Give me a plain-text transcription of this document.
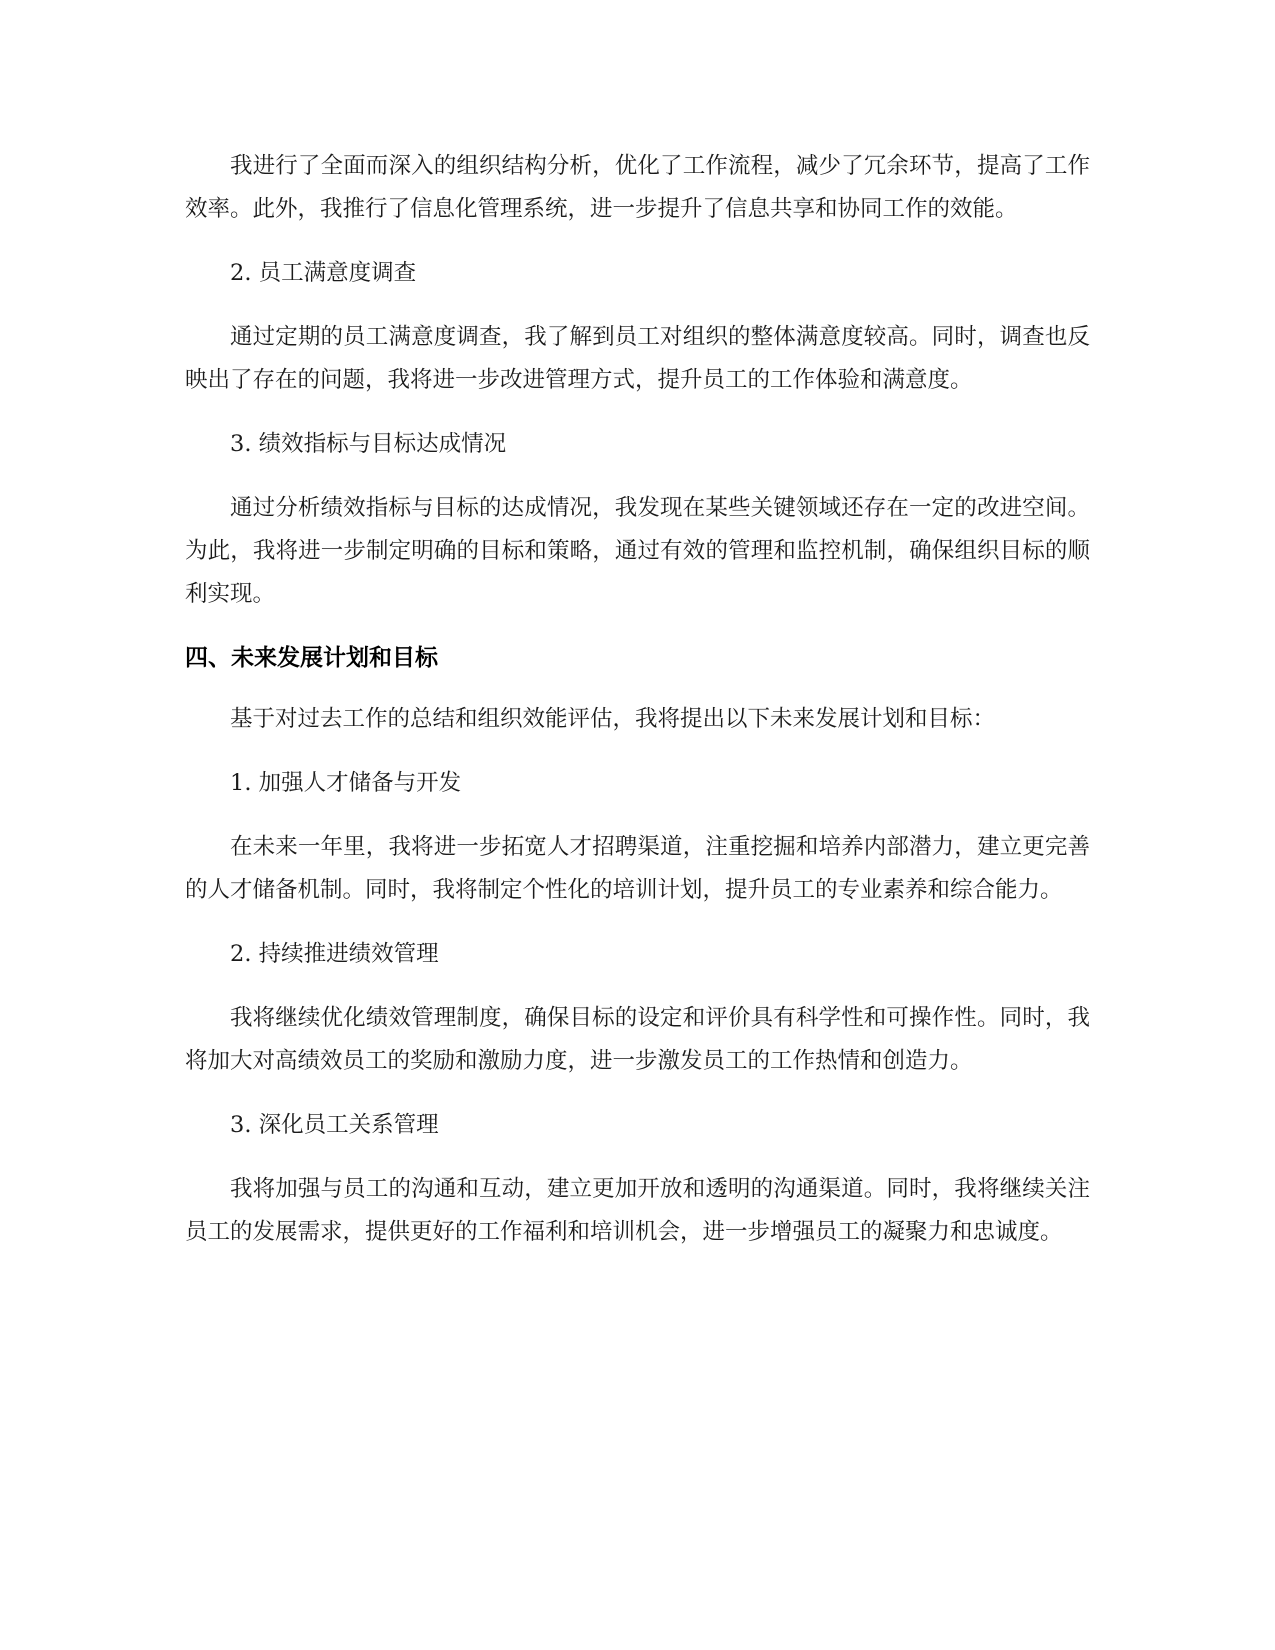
我进行了全面而深入的组织结构分析，优化了工作流程，减少了冗余环节，提高了工作效率。此外，我推行了信息化管理系统，进一步提升了信息共享和协同工作的效能。

2. 员工满意度调查

通过定期的员工满意度调查，我了解到员工对组织的整体满意度较高。同时，调查也反映出了存在的问题，我将进一步改进管理方式，提升员工的工作体验和满意度。

3. 绩效指标与目标达成情况

通过分析绩效指标与目标的达成情况，我发现在某些关键领域还存在一定的改进空间。为此，我将进一步制定明确的目标和策略，通过有效的管理和监控机制，确保组织目标的顺利实现。

四、未来发展计划和目标

基于对过去工作的总结和组织效能评估，我将提出以下未来发展计划和目标：

1. 加强人才储备与开发

在未来一年里，我将进一步拓宽人才招聘渠道，注重挖掘和培养内部潜力，建立更完善的人才储备机制。同时，我将制定个性化的培训计划，提升员工的专业素养和综合能力。

2. 持续推进绩效管理

我将继续优化绩效管理制度，确保目标的设定和评价具有科学性和可操作性。同时，我将加大对高绩效员工的奖励和激励力度，进一步激发员工的工作热情和创造力。

3. 深化员工关系管理

我将加强与员工的沟通和互动，建立更加开放和透明的沟通渠道。同时，我将继续关注员工的发展需求，提供更好的工作福利和培训机会，进一步增强员工的凝聚力和忠诚度。
